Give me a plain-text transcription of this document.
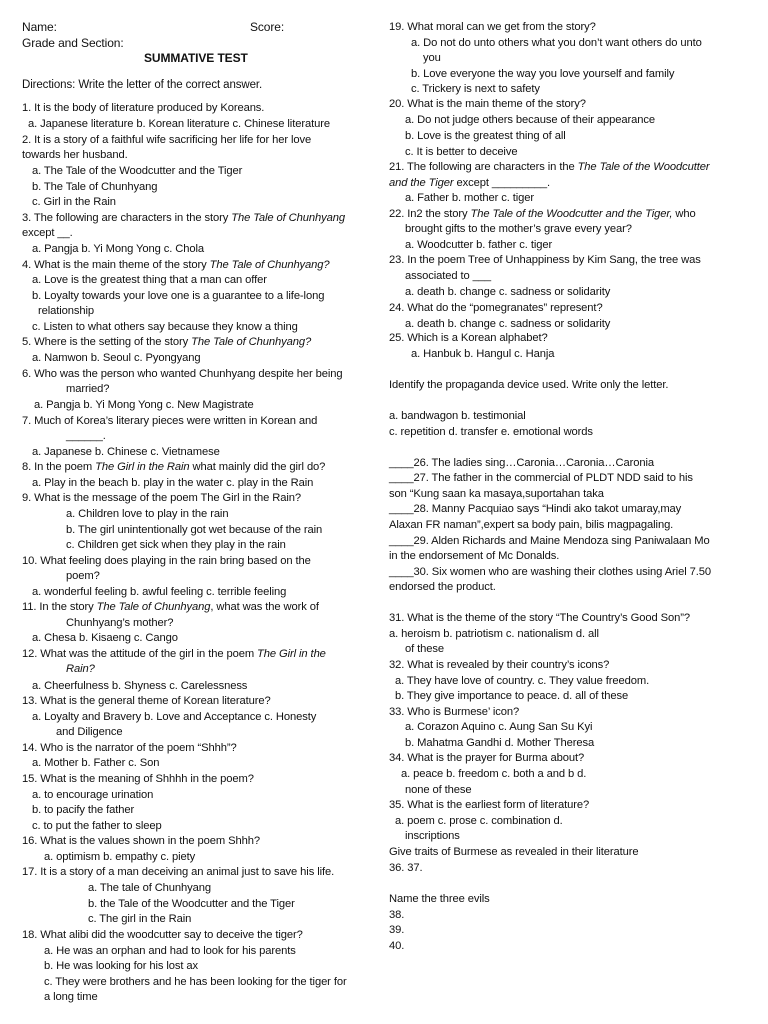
Name:	Score:
Grade and Section:
SUMMATIVE TEST
Directions: Write the letter of the correct answer.
1. It is the body of literature produced by Koreans.
a. Japanese literature b. Korean literature c. Chinese literature
2. It is a story of a faithful wife sacrificing her life for her love
towards her husband.
a. The Tale of the Woodcutter and the Tiger
b. The Tale of Chunhyang
c. Girl in the Rain
3. The following are characters in the story The Tale of Chunhyang
except __.
a. Pangja b. Yi Mong Yong c. Chola
4. What is the main theme of the story The Tale of Chunhyang?
a. Love is the greatest thing that a man can offer
b. Loyalty towards your love one is a guarantee to a life-long
relationship
c. Listen to what others say because they know a thing
5. Where is the setting of the story The Tale of Chunhyang?
a. Namwon b. Seoul c. Pyongyang
6. Who was the person who wanted Chunhyang despite her being
married?
a. Pangja b. Yi Mong Yong c. New Magistrate
7. Much of Korea’s literary pieces were written in Korean and
______.
a. Japanese b. Chinese c. Vietnamese
8. In the poem The Girl in the Rain what mainly did the girl do?
a. Play in the beach b. play in the water c. play in the Rain
9. What is the message of the poem The Girl in the Rain?
a. Children love to play in the rain
b. The girl unintentionally got wet because of the rain
c. Children get sick when they play in the rain
10. What feeling does playing in the rain bring based on the
poem?
a. wonderful feeling b. awful feeling c. terrible feeling
11. In the story The Tale of Chunhyang, what was the work of
Chunhyang’s mother?
a. Chesa b. Kisaeng c. Cango
12. What was the attitude of the girl in the poem The Girl in the
Rain?
a. Cheerfulness b. Shyness c. Carelessness
13. What is the general theme of Korean literature?
a. Loyalty and Bravery b. Love and Acceptance c. Honesty
and Diligence
14. Who is the narrator of the poem “Shhh”?
a. Mother b. Father c. Son
15. What is the meaning of Shhhh in the poem?
a. to encourage urination
b. to pacify the father
c. to put the father to sleep
16. What is the values shown in the poem Shhh?
a. optimism b. empathy c. piety
17. It is a story of a man deceiving an animal just to save his life.
a. The tale of Chunhyang
b. the Tale of the Woodcutter and the Tiger
c. The girl in the Rain
18. What alibi did the woodcutter say to deceive the tiger?
a. He was an orphan and had to look for his parents
b. He was looking for his lost ax
c. They were brothers and he has been looking for the tiger for
a long time
19. What moral can we get from the story?
a. Do not do unto others what you don’t want others do unto
you
b. Love everyone the way you love yourself and family
c. Trickery is next to safety
20. What is the main theme of the story?
a. Do not judge others because of their appearance
b. Love is the greatest thing of all
c. It is better to deceive
21. The following are characters in the The Tale of the Woodcutter
and the Tiger except _________.
a. Father b. mother c. tiger
22. In2 the story The Tale of the Woodcutter and the Tiger, who
brought gifts to the mother’s grave every year?
a. Woodcutter b. father c. tiger
23. In the poem Tree of Unhappiness by Kim Sang, the tree was
associated to ___
a. death b. change c. sadness or solidarity
24. What do the “pomegranates” represent?
a. death b. change c. sadness or solidarity
25. Which is a Korean alphabet?
a. Hanbuk b. Hangul c. Hanja
Identify the propaganda device used. Write only the letter.
a. bandwagon b. testimonial
c. repetition d. transfer e. emotional words
____26. The ladies sing…Caronia…Caronia…Caronia
____27. The father in the commercial of PLDT NDD said to his
son “Kung saan ka masaya,suportahan taka
____28. Manny Pacquiao says “Hindi ako takot umaray,may
Alaxan FR naman”,expert sa body pain, bilis magpagaling.
____29. Alden Richards and Maine Mendoza sing Paniwalaan Mo
in the endorsement of Mc Donalds.
____30. Six women who are washing their clothes using Ariel 7.50
endorsed the product.
31. What is the theme of the story “The Country’s Good Son”?
a. heroism b. patriotism c. nationalism d. all
of these
32. What is revealed by their country’s icons?
a. They have love of country. c. They value freedom.
b. They give importance to peace. d. all of these
33. Who is Burmese’ icon?
a. Corazon Aquino c. Aung San Su Kyi
b. Mahatma Gandhi d. Mother Theresa
34. What is the prayer for Burma about?
a. peace b. freedom c. both a and b d.
none of these
35. What is the earliest form of literature?
a. poem c. prose c. combination d.
inscriptions
Give traits of Burmese as revealed in their literature
36. 37.
Name the three evils
38.
39.
40.
